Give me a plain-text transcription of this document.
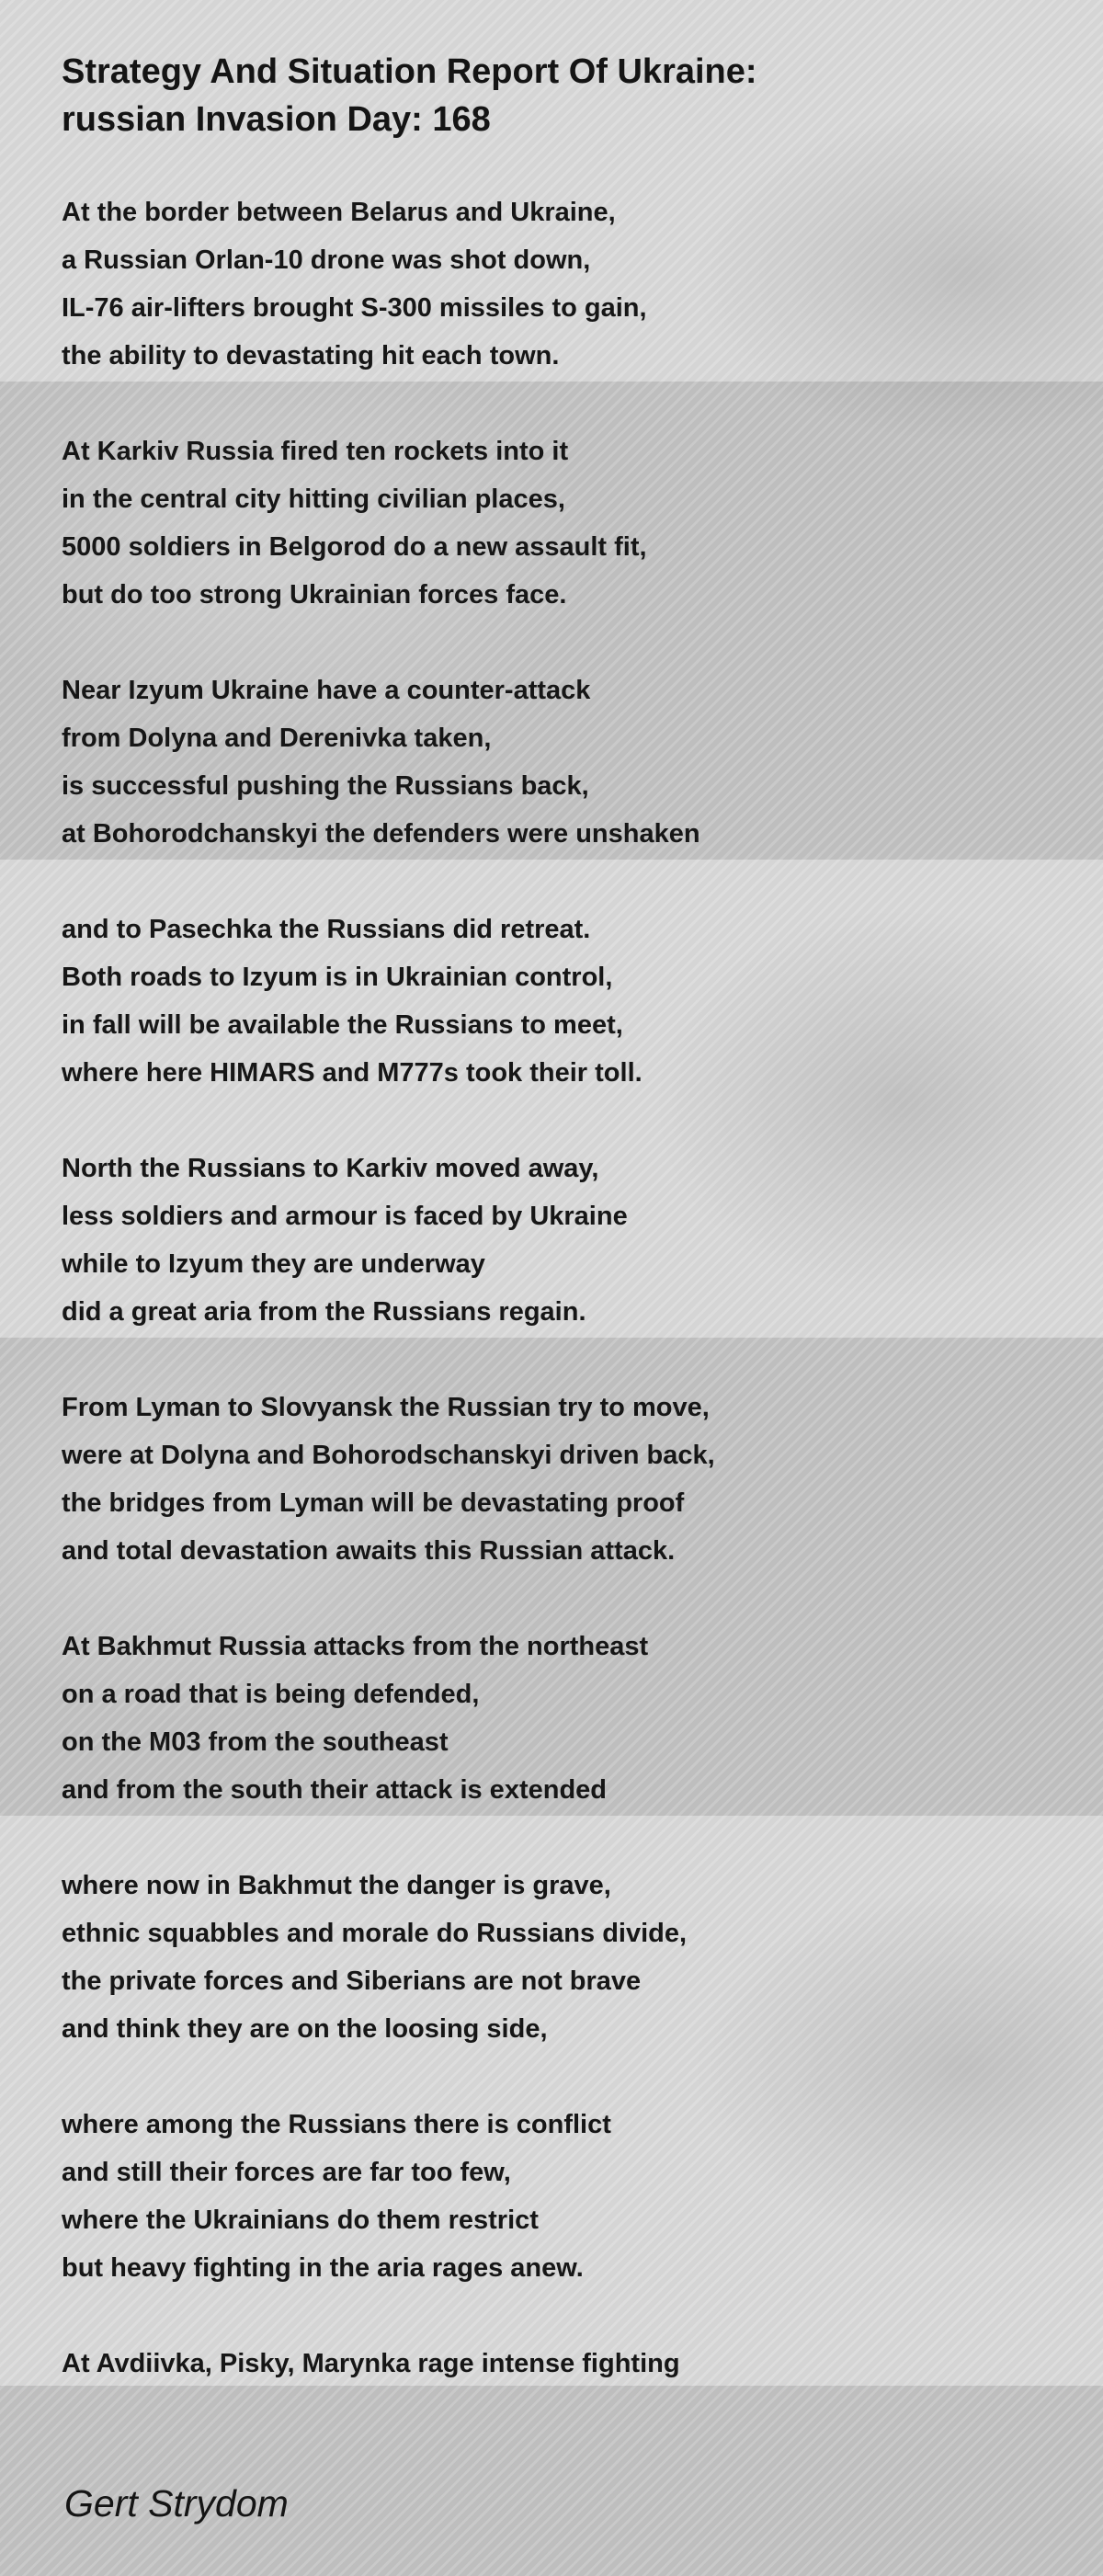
Strategy And Situation Report Of Ukraine:
russian Invasion Day: 168
At the border between Belarus and Ukraine,
a Russian Orlan-10 drone was shot down,
IL-76 air-lifters brought S-300 missiles to gain,
the ability to devastating hit each town.
At Karkiv Russia fired ten rockets into it
in the central city hitting civilian places,
5000 soldiers in Belgorod do a new assault fit,
but do too strong Ukrainian forces face.
Near Izyum Ukraine have a counter-attack
from Dolyna and Derenivka taken,
is successful pushing the Russians back,
at Bohorodchanskyi the defenders were unshaken
and to Pasechka the Russians did retreat.
Both roads to Izyum is in Ukrainian control,
in fall will be available the Russians to meet,
where here HIMARS and M777s took their toll.
North the Russians to Karkiv moved away,
less soldiers and armour is faced by Ukraine
while to Izyum they are underway
did a great aria from the Russians regain.
From Lyman to Slovyansk the Russian try to move,
were at Dolyna and Bohorodschanskyi driven back,
the bridges from Lyman will be devastating proof
and total devastation awaits this Russian attack.
At Bakhmut Russia attacks from the northeast
on a road that is being defended,
on the M03 from the southeast
and from the south their attack is extended
where now in Bakhmut the danger is grave,
ethnic squabbles and morale do Russians divide,
the private forces and Siberians are not brave
and think they are on the loosing side,
where among the Russians there is conflict
and still their forces are far too few,
where the Ukrainians do them restrict
but heavy fighting in the aria rages anew.
At Avdiivka, Pisky, Marynka rage intense fighting
Gert Strydom
